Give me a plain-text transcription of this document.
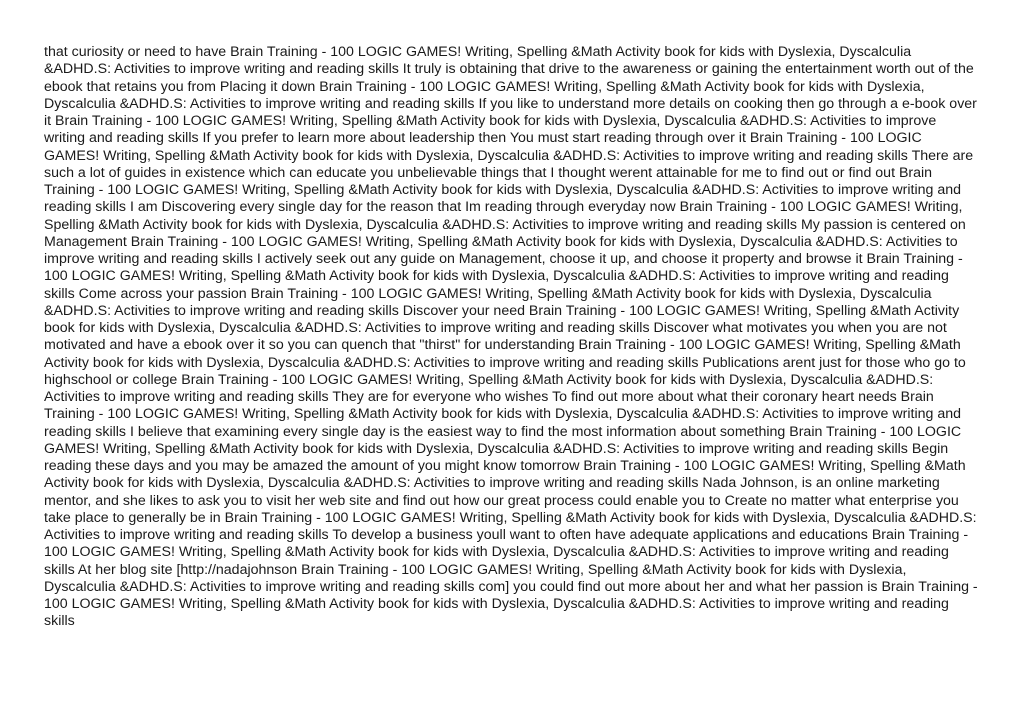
that curiosity or need to have Brain Training - 100 LOGIC GAMES! Writing, Spelling &Math Activity book for kids with Dyslexia, Dyscalculia &ADHD.S: Activities to improve writing and reading skills It truly is obtaining that drive to the awareness or gaining the entertainment worth out of the ebook that retains you from Placing it down Brain Training - 100 LOGIC GAMES! Writing, Spelling &Math Activity book for kids with Dyslexia, Dyscalculia &ADHD.S: Activities to improve writing and reading skills If you like to understand more details on cooking then go through a e-book over it Brain Training - 100 LOGIC GAMES! Writing, Spelling &Math Activity book for kids with Dyslexia, Dyscalculia &ADHD.S: Activities to improve writing and reading skills If you prefer to learn more about leadership then You must start reading through over it Brain Training - 100 LOGIC GAMES! Writing, Spelling &Math Activity book for kids with Dyslexia, Dyscalculia &ADHD.S: Activities to improve writing and reading skills There are such a lot of guides in existence which can educate you unbelievable things that I thought werent attainable for me to find out or find out Brain Training - 100 LOGIC GAMES! Writing, Spelling &Math Activity book for kids with Dyslexia, Dyscalculia &ADHD.S: Activities to improve writing and reading skills I am Discovering every single day for the reason that Im reading through everyday now Brain Training - 100 LOGIC GAMES! Writing, Spelling &Math Activity book for kids with Dyslexia, Dyscalculia &ADHD.S: Activities to improve writing and reading skills My passion is centered on Management Brain Training - 100 LOGIC GAMES! Writing, Spelling &Math Activity book for kids with Dyslexia, Dyscalculia &ADHD.S: Activities to improve writing and reading skills I actively seek out any guide on Management, choose it up, and choose it property and browse it Brain Training - 100 LOGIC GAMES! Writing, Spelling &Math Activity book for kids with Dyslexia, Dyscalculia &ADHD.S: Activities to improve writing and reading skills Come across your passion Brain Training - 100 LOGIC GAMES! Writing, Spelling &Math Activity book for kids with Dyslexia, Dyscalculia &ADHD.S: Activities to improve writing and reading skills Discover your need Brain Training - 100 LOGIC GAMES! Writing, Spelling &Math Activity book for kids with Dyslexia, Dyscalculia &ADHD.S: Activities to improve writing and reading skills Discover what motivates you when you are not motivated and have a ebook over it so you can quench that "thirst" for understanding Brain Training - 100 LOGIC GAMES! Writing, Spelling &Math Activity book for kids with Dyslexia, Dyscalculia &ADHD.S: Activities to improve writing and reading skills Publications arent just for those who go to highschool or college Brain Training - 100 LOGIC GAMES! Writing, Spelling &Math Activity book for kids with Dyslexia, Dyscalculia &ADHD.S: Activities to improve writing and reading skills They are for everyone who wishes To find out more about what their coronary heart needs Brain Training - 100 LOGIC GAMES! Writing, Spelling &Math Activity book for kids with Dyslexia, Dyscalculia &ADHD.S: Activities to improve writing and reading skills I believe that examining every single day is the easiest way to find the most information about something Brain Training - 100 LOGIC GAMES! Writing, Spelling &Math Activity book for kids with Dyslexia, Dyscalculia &ADHD.S: Activities to improve writing and reading skills Begin reading these days and you may be amazed the amount of you might know tomorrow Brain Training - 100 LOGIC GAMES! Writing, Spelling &Math Activity book for kids with Dyslexia, Dyscalculia &ADHD.S: Activities to improve writing and reading skills Nada Johnson, is an online marketing mentor, and she likes to ask you to visit her web site and find out how our great process could enable you to Create no matter what enterprise you take place to generally be in Brain Training - 100 LOGIC GAMES! Writing, Spelling &Math Activity book for kids with Dyslexia, Dyscalculia &ADHD.S: Activities to improve writing and reading skills To develop a business youll want to often have adequate applications and educations Brain Training - 100 LOGIC GAMES! Writing, Spelling &Math Activity book for kids with Dyslexia, Dyscalculia &ADHD.S: Activities to improve writing and reading skills At her blog site [http://nadajohnson Brain Training - 100 LOGIC GAMES! Writing, Spelling &Math Activity book for kids with Dyslexia, Dyscalculia &ADHD.S: Activities to improve writing and reading skills com] you could find out more about her and what her passion is Brain Training - 100 LOGIC GAMES! Writing, Spelling &Math Activity book for kids with Dyslexia, Dyscalculia &ADHD.S: Activities to improve writing and reading skills
